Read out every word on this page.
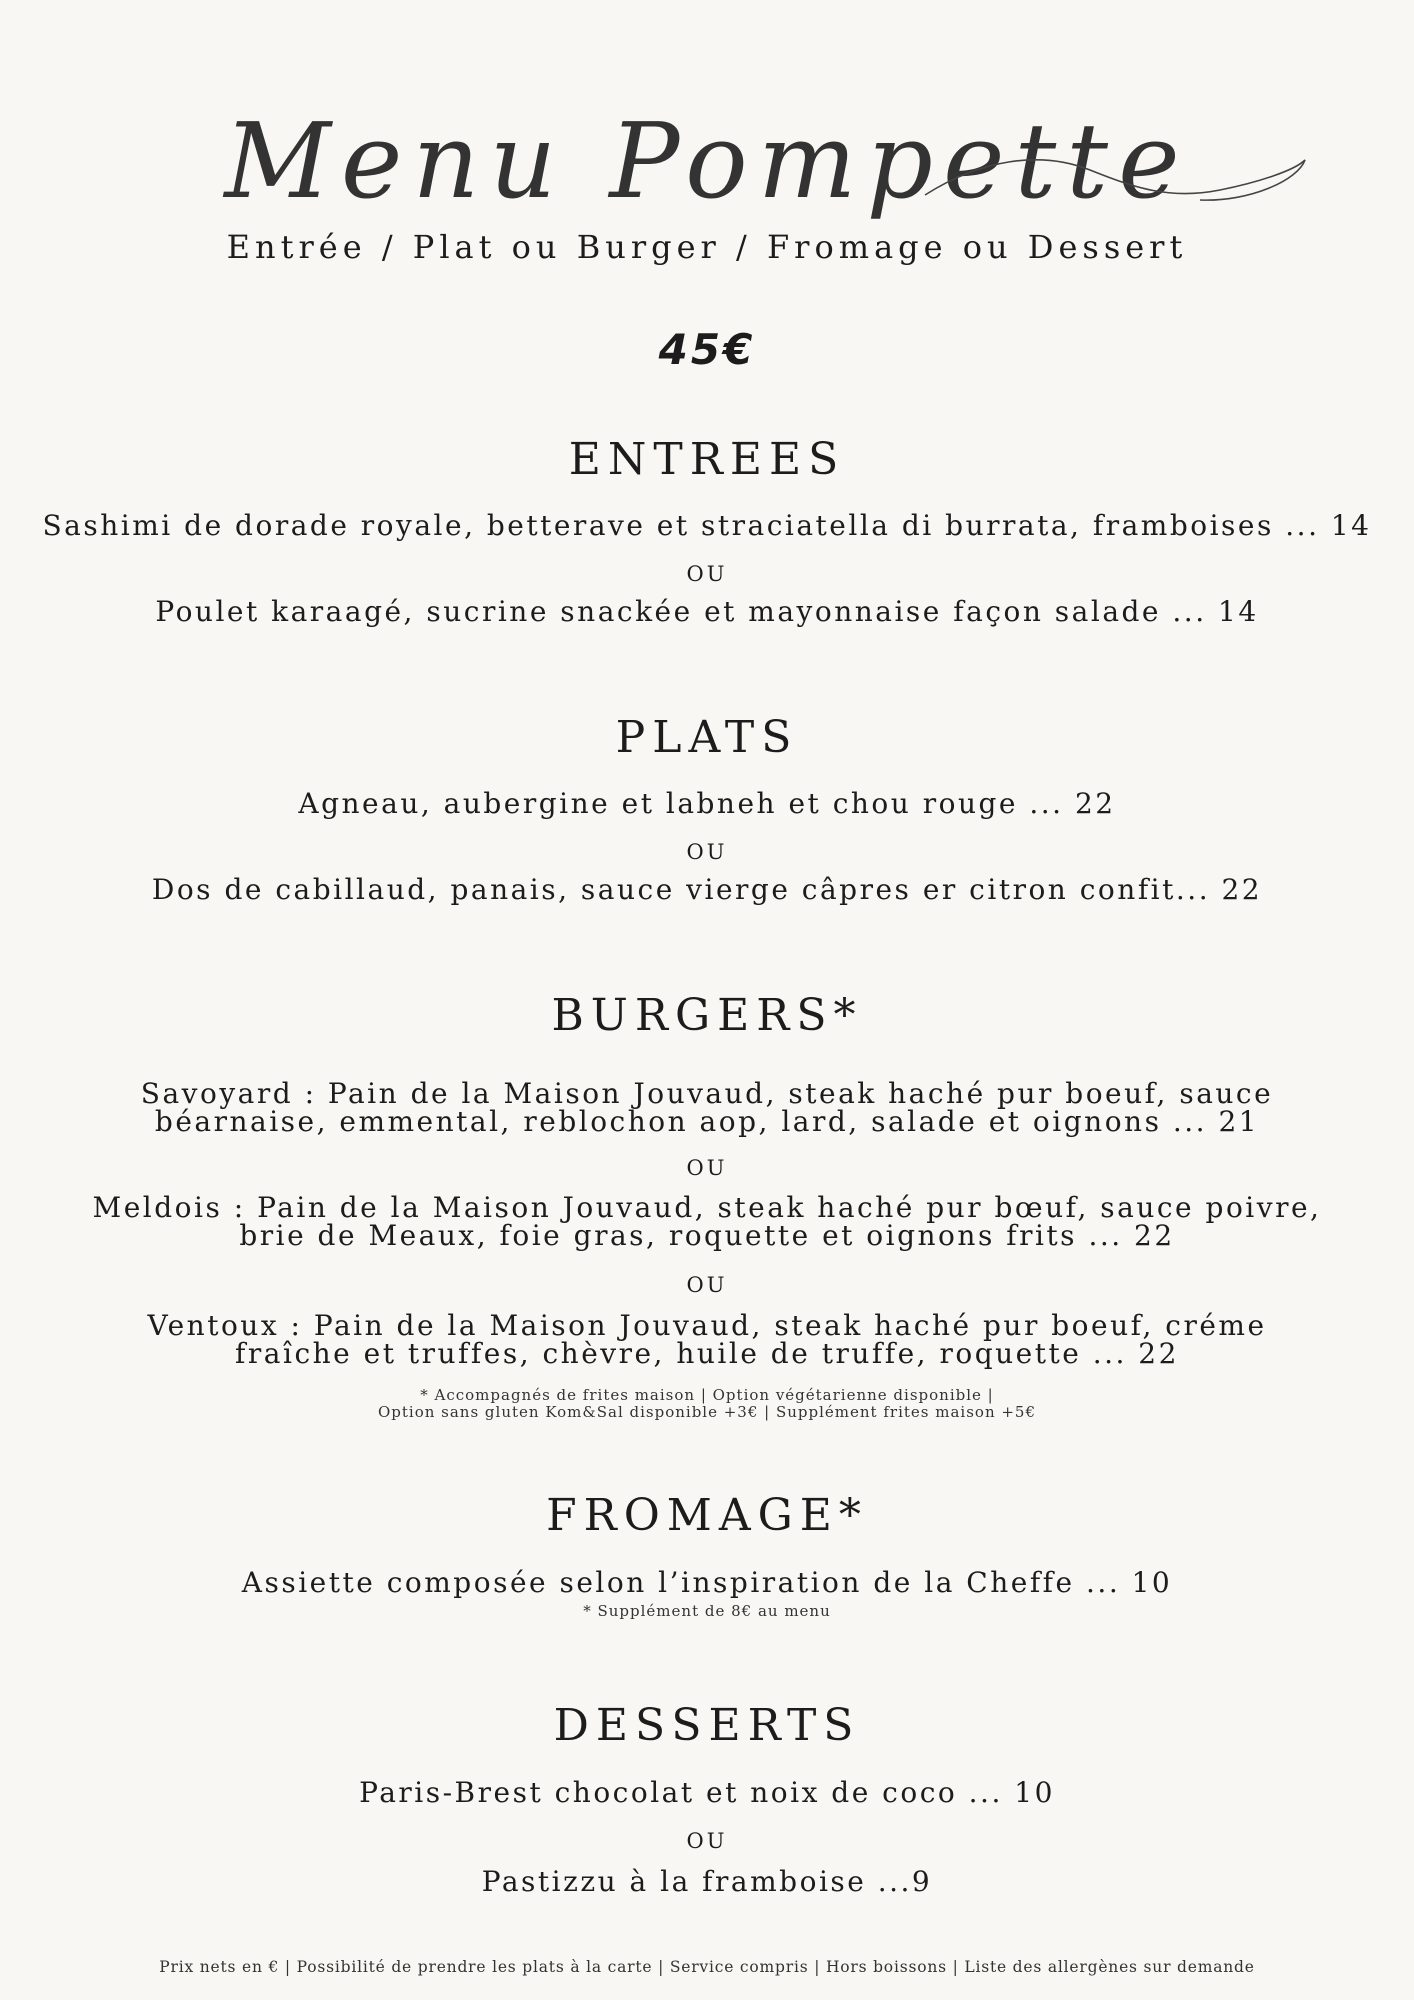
Menu Pompette
Entrée / Plat ou Burger / Fromage ou Dessert
45€
ENTREES
Sashimi de dorade royale, betterave et straciatella di burrata, framboises ... 14
OU
Poulet karaagé, sucrine snackée et mayonnaise façon salade ... 14
PLATS
Agneau, aubergine et labneh et chou rouge ... 22
OU
Dos de cabillaud, panais, sauce vierge câpres er citron confit... 22
BURGERS*
Savoyard : Pain de la Maison Jouvaud, steak haché pur boeuf, sauce
béarnaise, emmental, reblochon aop, lard, salade et oignons ... 21
OU
Meldois : Pain de la Maison Jouvaud, steak haché pur bœuf, sauce poivre,
brie de Meaux, foie gras, roquette et oignons frits ... 22
OU
Ventoux : Pain de la Maison Jouvaud, steak haché pur boeuf, créme
fraîche et truffes, chèvre, huile de truffe, roquette ... 22
* Accompagnés de frites maison | Option végétarienne disponible |
Option sans gluten Kom&Sal disponible +3€ | Supplément frites maison +5€
FROMAGE*
Assiette composée selon l’inspiration de la Cheffe ... 10
* Supplément de 8€ au menu
DESSERTS
Paris-Brest chocolat et noix de coco ... 10
OU
Pastizzu à la framboise ...9
Prix nets en € | Possibilité de prendre les plats à la carte | Service compris | Hors boissons | Liste des allergènes sur demande
